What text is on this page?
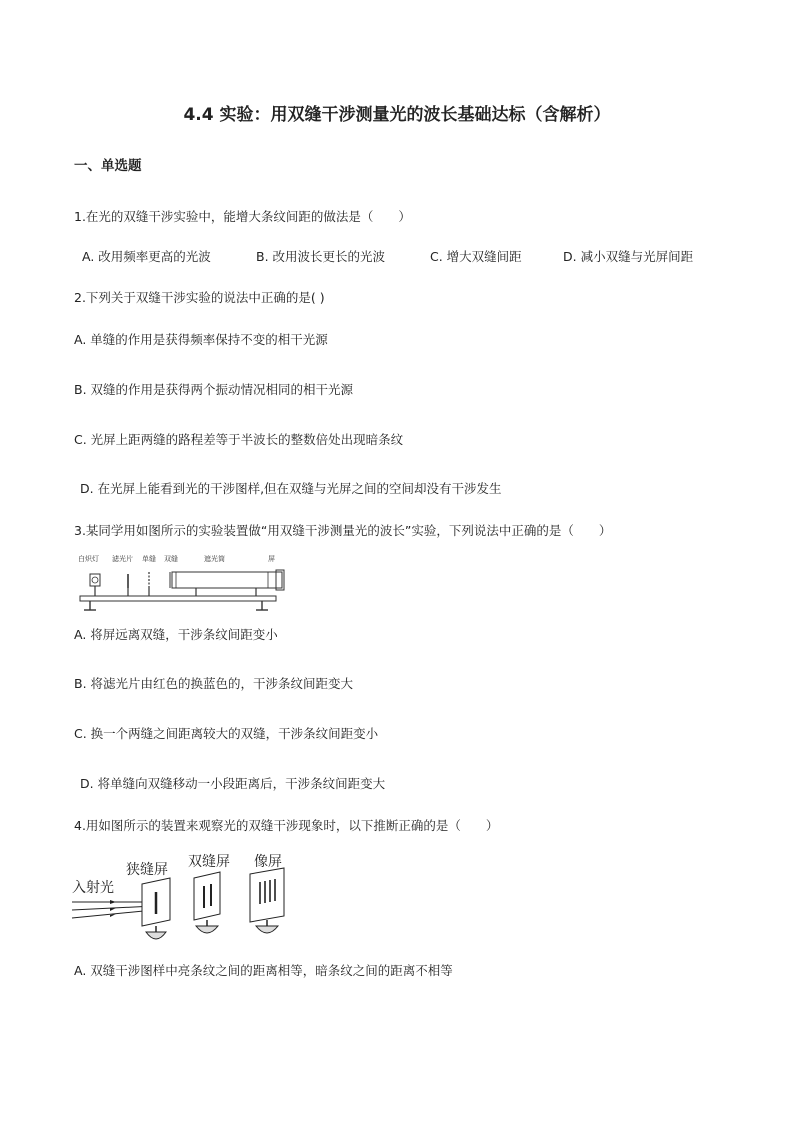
4.4 实验：用双缝干涉测量光的波长基础达标（含解析）
一、单选题
1.在光的双缝干涉实验中，能增大条纹间距的做法是（　　）
A. 改用频率更高的光波	B. 改用波长更长的光波	C. 增大双缝间距	D. 减小双缝与光屏间距
2.下列关于双缝干涉实验的说法中正确的是( )
A. 单缝的作用是获得频率保持不变的相干光源
B. 双缝的作用是获得两个振动情况相同的相干光源
C. 光屏上距两缝的路程差等于半波长的整数倍处出现暗条纹
D. 在光屏上能看到光的干涉图样,但在双缝与光屏之间的空间却没有干涉发生
3.某同学用如图所示的实验装置做“用双缝干涉测量光的波长”实验，下列说法中正确的是（　　）
白炽灯 滤光片 单缝 双缝	遮光筒	屏
A. 将屏远离双缝，干涉条纹间距变小
B. 将滤光片由红色的换蓝色的，干涉条纹间距变大
C. 换一个两缝之间距离较大的双缝，干涉条纹间距变小
D. 将单缝向双缝移动一小段距离后，干涉条纹间距变大
4.用如图所示的装置来观察光的双缝干涉现象时，以下推断正确的是（　　）
入射光
狭缝屏 双缝屏 像屏
A. 双缝干涉图样中亮条纹之间的距离相等，暗条纹之间的距离不相等
